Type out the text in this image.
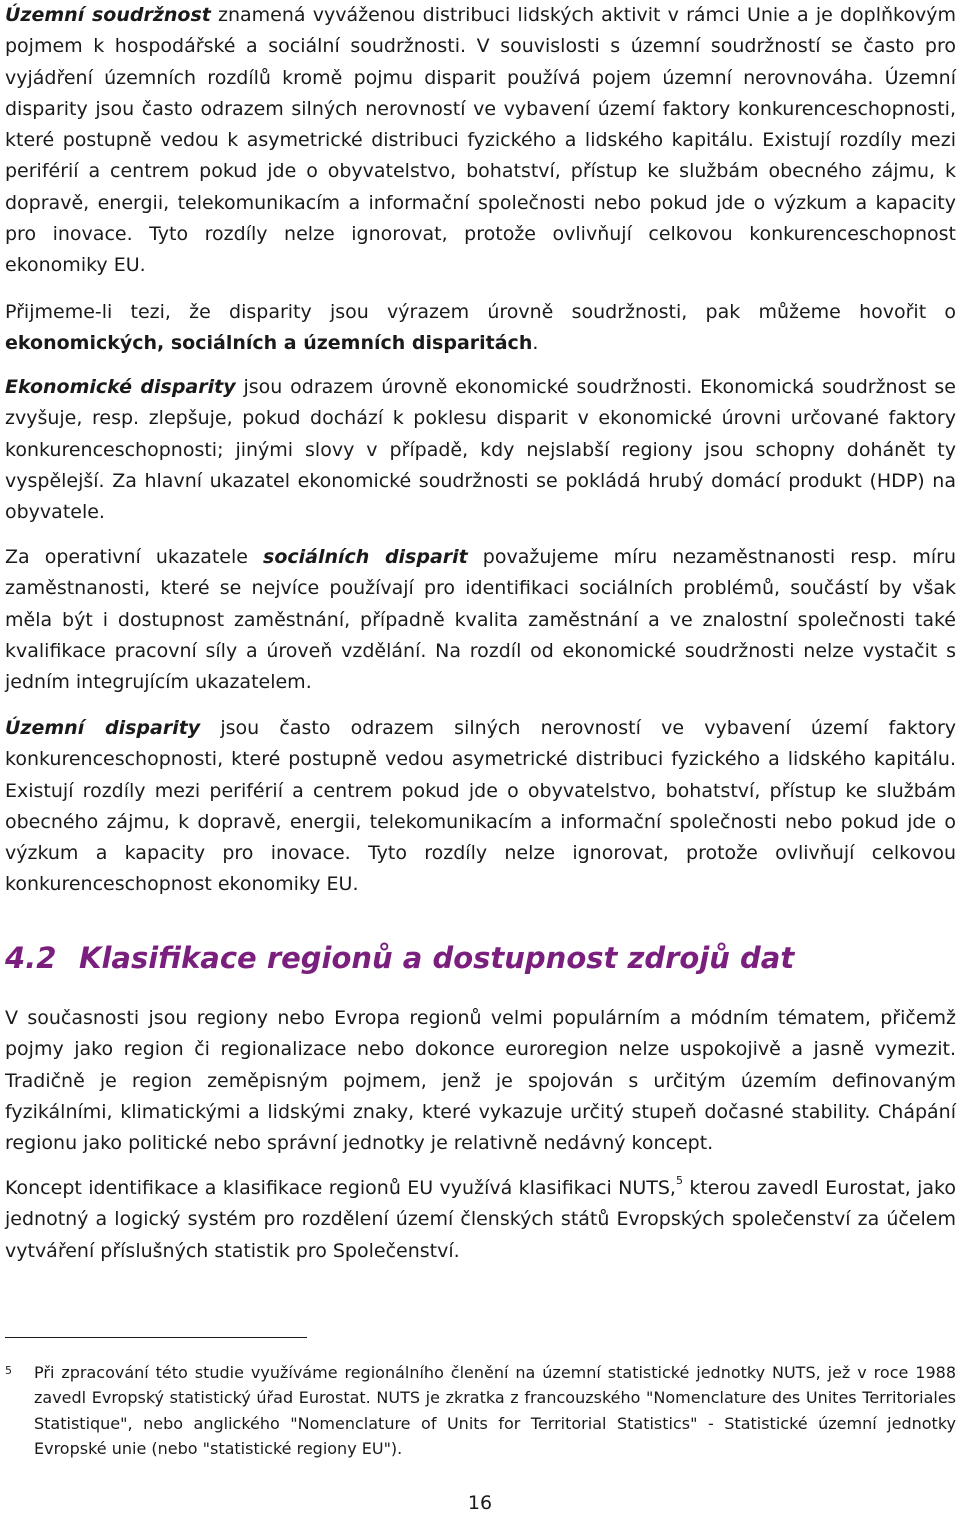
Územní soudržnost znamená vyváženou distribuci lidských aktivit v rámci Unie a je doplňkovým pojmem k hospodářské a sociální soudržnosti. V souvislosti s územní soudržností se často pro vyjádření územních rozdílů kromě pojmu disparit používá pojem územní nerovnováha. Územní disparity jsou často odrazem silných nerovností ve vybavení území faktory konkurenceschopnosti, které postupně vedou k asymetrické distribuci fyzického a lidského kapitálu. Existují rozdíly mezi periférií a centrem pokud jde o obyvatelstvo, bohatství, přístup ke službám obecného zájmu, k dopravě, energii, telekomunikacím a informační společnosti nebo pokud jde o výzkum a kapacity pro inovace. Tyto rozdíly nelze ignorovat, protože ovlivňují celkovou konkurenceschopnost ekonomiky EU.

Přijmeme-li tezi, že disparity jsou výrazem úrovně soudržnosti, pak můžeme hovořit o ekonomických, sociálních a územních disparitách.

Ekonomické disparity jsou odrazem úrovně ekonomické soudržnosti. Ekonomická soudržnost se zvyšuje, resp. zlepšuje, pokud dochází k poklesu disparit v ekonomické úrovni určované faktory konkurenceschopnosti; jinými slovy v případě, kdy nejslabší regiony jsou schopny dohánět ty vyspělejší. Za hlavní ukazatel ekonomické soudržnosti se pokládá hrubý domácí produkt (HDP) na obyvatele.

Za operativní ukazatele sociálních disparit považujeme míru nezaměstnanosti resp. míru zaměstnanosti, které se nejvíce používají pro identifikaci sociálních problémů, součástí by však měla být i dostupnost zaměstnání, případně kvalita zaměstnání a ve znalostní společnosti také kvalifikace pracovní síly a úroveň vzdělání. Na rozdíl od ekonomické soudržnosti nelze vystačit s jedním integrujícím ukazatelem.

Územní disparity jsou často odrazem silných nerovností ve vybavení území faktory konkurenceschopnosti, které postupně vedou asymetrické distribuci fyzického a lidského kapitálu. Existují rozdíly mezi periférií a centrem pokud jde o obyvatelstvo, bohatství, přístup ke službám obecného zájmu, k dopravě, energii, telekomunikacím a informační společnosti nebo pokud jde o výzkum a kapacity pro inovace. Tyto rozdíly nelze ignorovat, protože ovlivňují celkovou konkurenceschopnost ekonomiky EU.

4.2 Klasifikace regionů a dostupnost zdrojů dat

V současnosti jsou regiony nebo Evropa regionů velmi populárním a módním tématem, přičemž pojmy jako region či regionalizace nebo dokonce euroregion nelze uspokojivě a jasně vymezit. Tradičně je region zeměpisným pojmem, jenž je spojován s určitým územím definovaným fyzikálními, klimatickými a lidskými znaky, které vykazuje určitý stupeň dočasné stability. Chápání regionu jako politické nebo správní jednotky je relativně nedávný koncept.

Koncept identifikace a klasifikace regionů EU využívá klasifikaci NUTS,$^5$ kterou zavedl Eurostat, jako jednotný a logický systém pro rozdělení území členských států Evropských společenství za účelem vytváření příslušných statistik pro Společenství.

5 Při zpracování této studie využíváme regionálního členění na územní statistické jednotky NUTS, jež v roce 1988 zavedl Evropský statistický úřad Eurostat. NUTS je zkratka z francouzského "Nomenclature des Unites Territoriales Statistique", nebo anglického "Nomenclature of Units for Territorial Statistics" - Statistické územní jednotky Evropské unie (nebo "statistické regiony EU").

16
